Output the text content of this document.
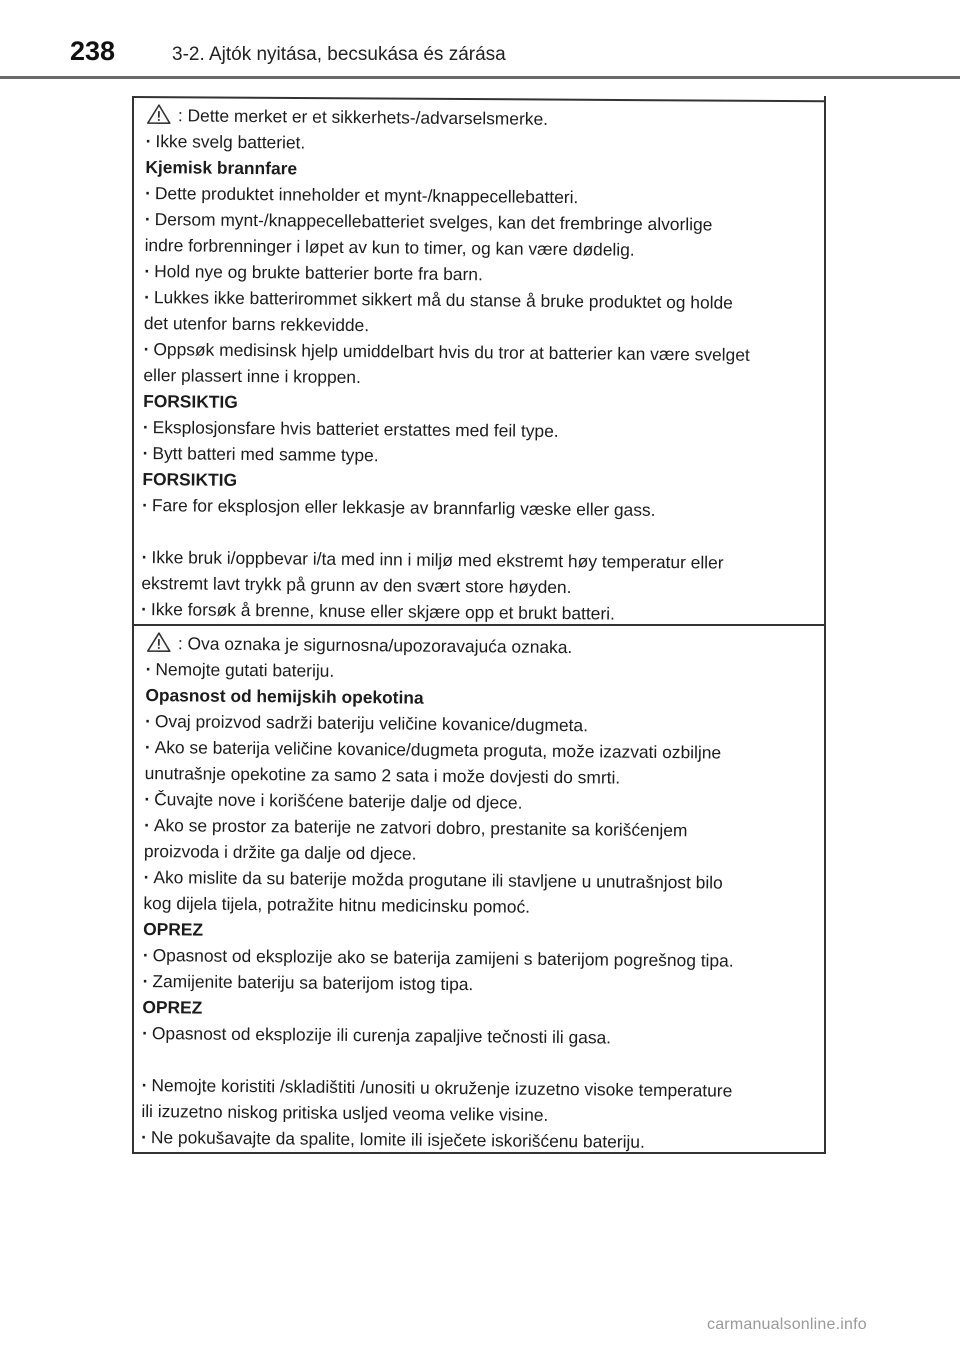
238	3-2. Ajtók nyitása, becsukása és zárása
: Dette merket er et sikkerhets-/advarselsmerke.
· Ikke svelg batteriet.
Kjemisk brannfare
· Dette produktet inneholder et mynt-/knappecellebatteri.
· Dersom mynt-/knappecellebatteriet svelges, kan det frembringe alvorlige
indre forbrenninger i løpet av kun to timer, og kan være dødelig.
· Hold nye og brukte batterier borte fra barn.
· Lukkes ikke batterirommet sikkert må du stanse å bruke produktet og holde
det utenfor barns rekkevidde.
· Oppsøk medisinsk hjelp umiddelbart hvis du tror at batterier kan være svelget
eller plassert inne i kroppen.
FORSIKTIG
· Eksplosjonsfare hvis batteriet erstattes med feil type.
· Bytt batteri med samme type.
FORSIKTIG
· Fare for eksplosjon eller lekkasje av brannfarlig væske eller gass.
· Ikke bruk i/oppbevar i/ta med inn i miljø med ekstremt høy temperatur eller
ekstremt lavt trykk på grunn av den svært store høyden.
· Ikke forsøk å brenne, knuse eller skjære opp et brukt batteri.
: Ova oznaka je sigurnosna/upozoravajuća oznaka.
· Nemojte gutati bateriju.
Opasnost od hemijskih opekotina
· Ovaj proizvod sadrži bateriju veličine kovanice/dugmeta.
· Ako se baterija veličine kovanice/dugmeta proguta, može izazvati ozbiljne
unutrašnje opekotine za samo 2 sata i može dovjesti do smrti.
· Čuvajte nove i korišćene baterije dalje od djece.
· Ako se prostor za baterije ne zatvori dobro, prestanite sa korišćenjem
proizvoda i držite ga dalje od djece.
· Ako mislite da su baterije možda progutane ili stavljene u unutrašnjost bilo
kog dijela tijela, potražite hitnu medicinsku pomoć.
OPREZ
· Opasnost od eksplozije ako se baterija zamijeni s baterijom pogrešnog tipa.
· Zamijenite bateriju sa baterijom istog tipa.
OPREZ
· Opasnost od eksplozije ili curenja zapaljive tečnosti ili gasa.
· Nemojte koristiti /skladištiti /unositi u okruženje izuzetno visoke temperature
ili izuzetno niskog pritiska usljed veoma velike visine.
· Ne pokušavajte da spalite, lomite ili isječete iskorišćenu bateriju.
carmanualsonline.info
